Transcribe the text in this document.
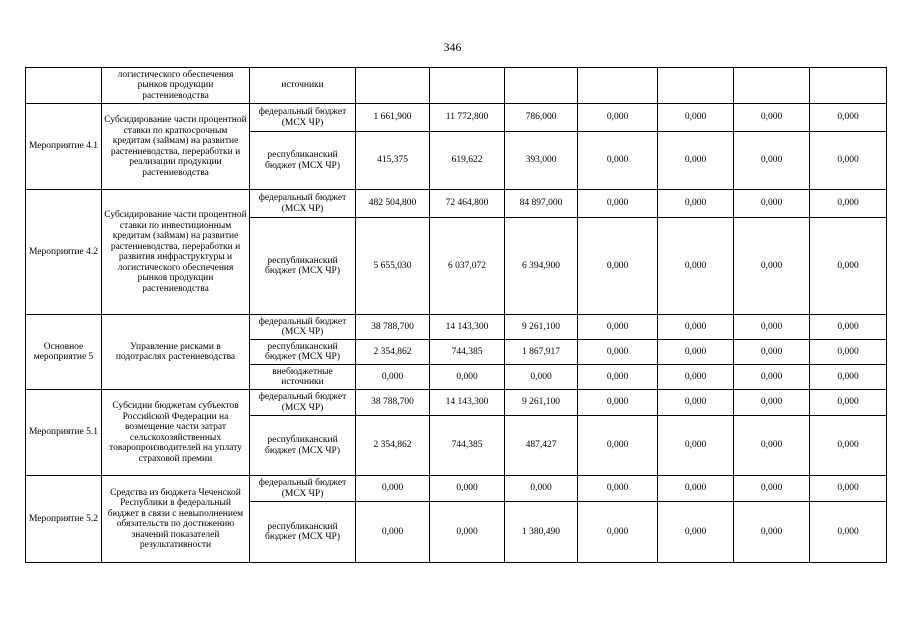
346
	логистического обеспечения рынков продукции растениеводства	источники							
Мероприятие 4.1	Субсидирование части процентной ставки по краткосрочным кредитам (займам) на развитие растениеводства, переработки и реализации продукции растениеводства	федеральный бюджет (МСХ ЧР)	1 661,900	11 772,800	786,000	0,000	0,000	0,000	0,000
		республиканский бюджет (МСХ ЧР)	415,375	619,622	393,000	0,000	0,000	0,000	0,000
Мероприятие 4.2	Субсидирование части процентной ставки по инвестиционным кредитам (займам) на развитие растениеводства, переработки и развития инфраструктуры и логистического обеспечения рынков продукции растениеводства	федеральный бюджет (МСХ ЧР)	482 504,800	72 464,800	84 897,000	0,000	0,000	0,000	0,000
		республиканский бюджет (МСХ ЧР)	5 655,030	6 037,072	6 394,900	0,000	0,000	0,000	0,000
Основное мероприятие 5	Управление рисками в подотраслях растениеводства	федеральный бюджет (МСХ ЧР)	38 788,700	14 143,300	9 261,100	0,000	0,000	0,000	0,000
		республиканский бюджет (МСХ ЧР)	2 354,862	744,385	1 867,917	0,000	0,000	0,000	0,000
		внебюджетные источники	0,000	0,000	0,000	0,000	0,000	0,000	0,000
Мероприятие 5.1	Субсидии бюджетам субъектов Российской Федерации на возмещение части затрат сельскохозяйственных товаропроизводителей на уплату страховой премии	федеральный бюджет (МСХ ЧР)	38 788,700	14 143,300	9 261,100	0,000	0,000	0,000	0,000
		республиканский бюджет (МСХ ЧР)	2 354,862	744,385	487,427	0,000	0,000	0,000	0,000
Мероприятие 5.2	Средства из бюджета Чеченской Республики в федеральный бюджет в связи с невыполнением обязательств по достижению значений показателей результативности	федеральный бюджет (МСХ ЧР)	0,000	0,000	0,000	0,000	0,000	0,000	0,000
		республиканский бюджет (МСХ ЧР)	0,000	0,000	1 380,490	0,000	0,000	0,000	0,000
